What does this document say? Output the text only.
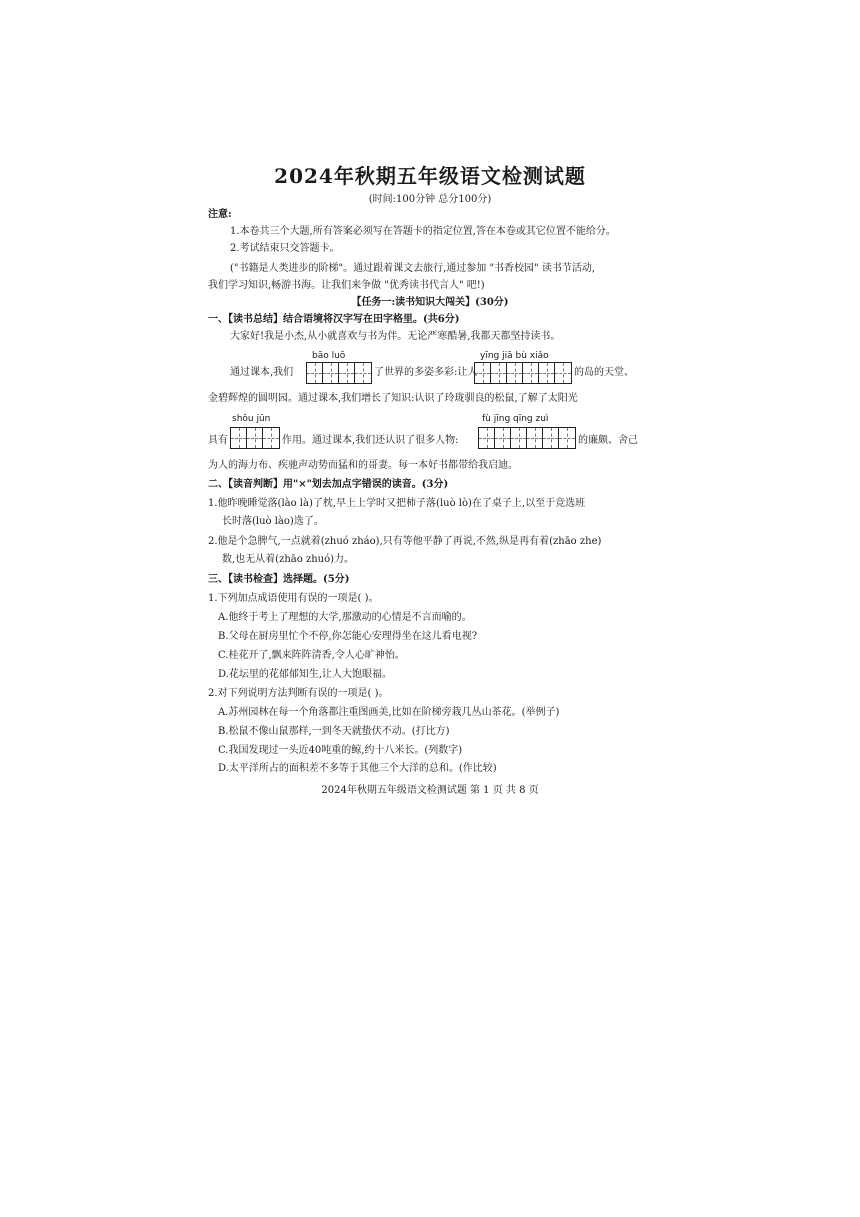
2024年秋期五年级语文检测试题
(时间:100分钟 总分100分)
注意:
1.本卷共三个大题,所有答案必须写在答题卡的指定位置,答在本卷或其它位置不能给分。
2.考试结束只交答题卡。
("书籍是人类进步的阶梯"。通过跟着课文去旅行,通过参加 "书香校园" 读书节活动,
我们学习知识,畅游书海。让我们来争做 "优秀读书代言人" 吧!)
【任务一:读书知识大闯关】(30分)
一、【读书总结】结合语境将汉字写在田字格里。(共6分)
大家好!我是小杰,从小就喜欢与书为伴。无论严寒酷暑,我都天都坚持读书。
bāo luō	yīng jiā bù xiǎo
通过课本,我们	了世界的多姿多彩:让人	的岛的天堂、
金碧辉煌的圆明园。通过课本,我们增长了知识:认识了玲珑驯良的松鼠,了解了太阳光
shǒu jūn	fù jīng qīng zuì
具有	作用。通过课本,我们还认识了很多人物:	的廉颇、舍己
为人的海力布、疾驰声动势而猛和的哥妻。每一本好书都带给我启迪。
二、【读音判断】用"×"划去加点字错误的读音。(3分)
1.他昨晚睡觉落(lào là)了枕,早上上学时又把柿子落(luò lò)在了桌子上,以至于竞选班
长时落(luò lào)选了。
2.他是个急脾气,一点就着(zhuó zháo),只有等他平静了再说,不然,纵是再有着(zhāo zhe)
数,也无从着(zhāo zhuó)力。
三、【读书检查】选择题。(5分)
1.下列加点成语使用有误的一项是( )。
A.他终于考上了理想的大学,那激动的心情是不言而喻的。
B.父母在厨房里忙个不停,你怎能心安理得坐在这儿看电视?
C.桂花开了,飘来阵阵清香,令人心旷神怡。
D.花坛里的花郁郁知生,让人大饱眼福。
2.对下列说明方法判断有误的一项是( )。
A.苏州园林在每一个角落都注重图画美,比如在阶梯旁栽几丛山茶花。(举例子)
B.松鼠不像山鼠那样,一到冬天就蛰伏不动。(打比方)
C.我国发现过一头近40吨重的鲸,约十八米长。(列数字)
D.太平洋所占的面积差不多等于其他三个大洋的总和。(作比较)
2024年秋期五年级语文检测试题 第 1 页 共 8 页
